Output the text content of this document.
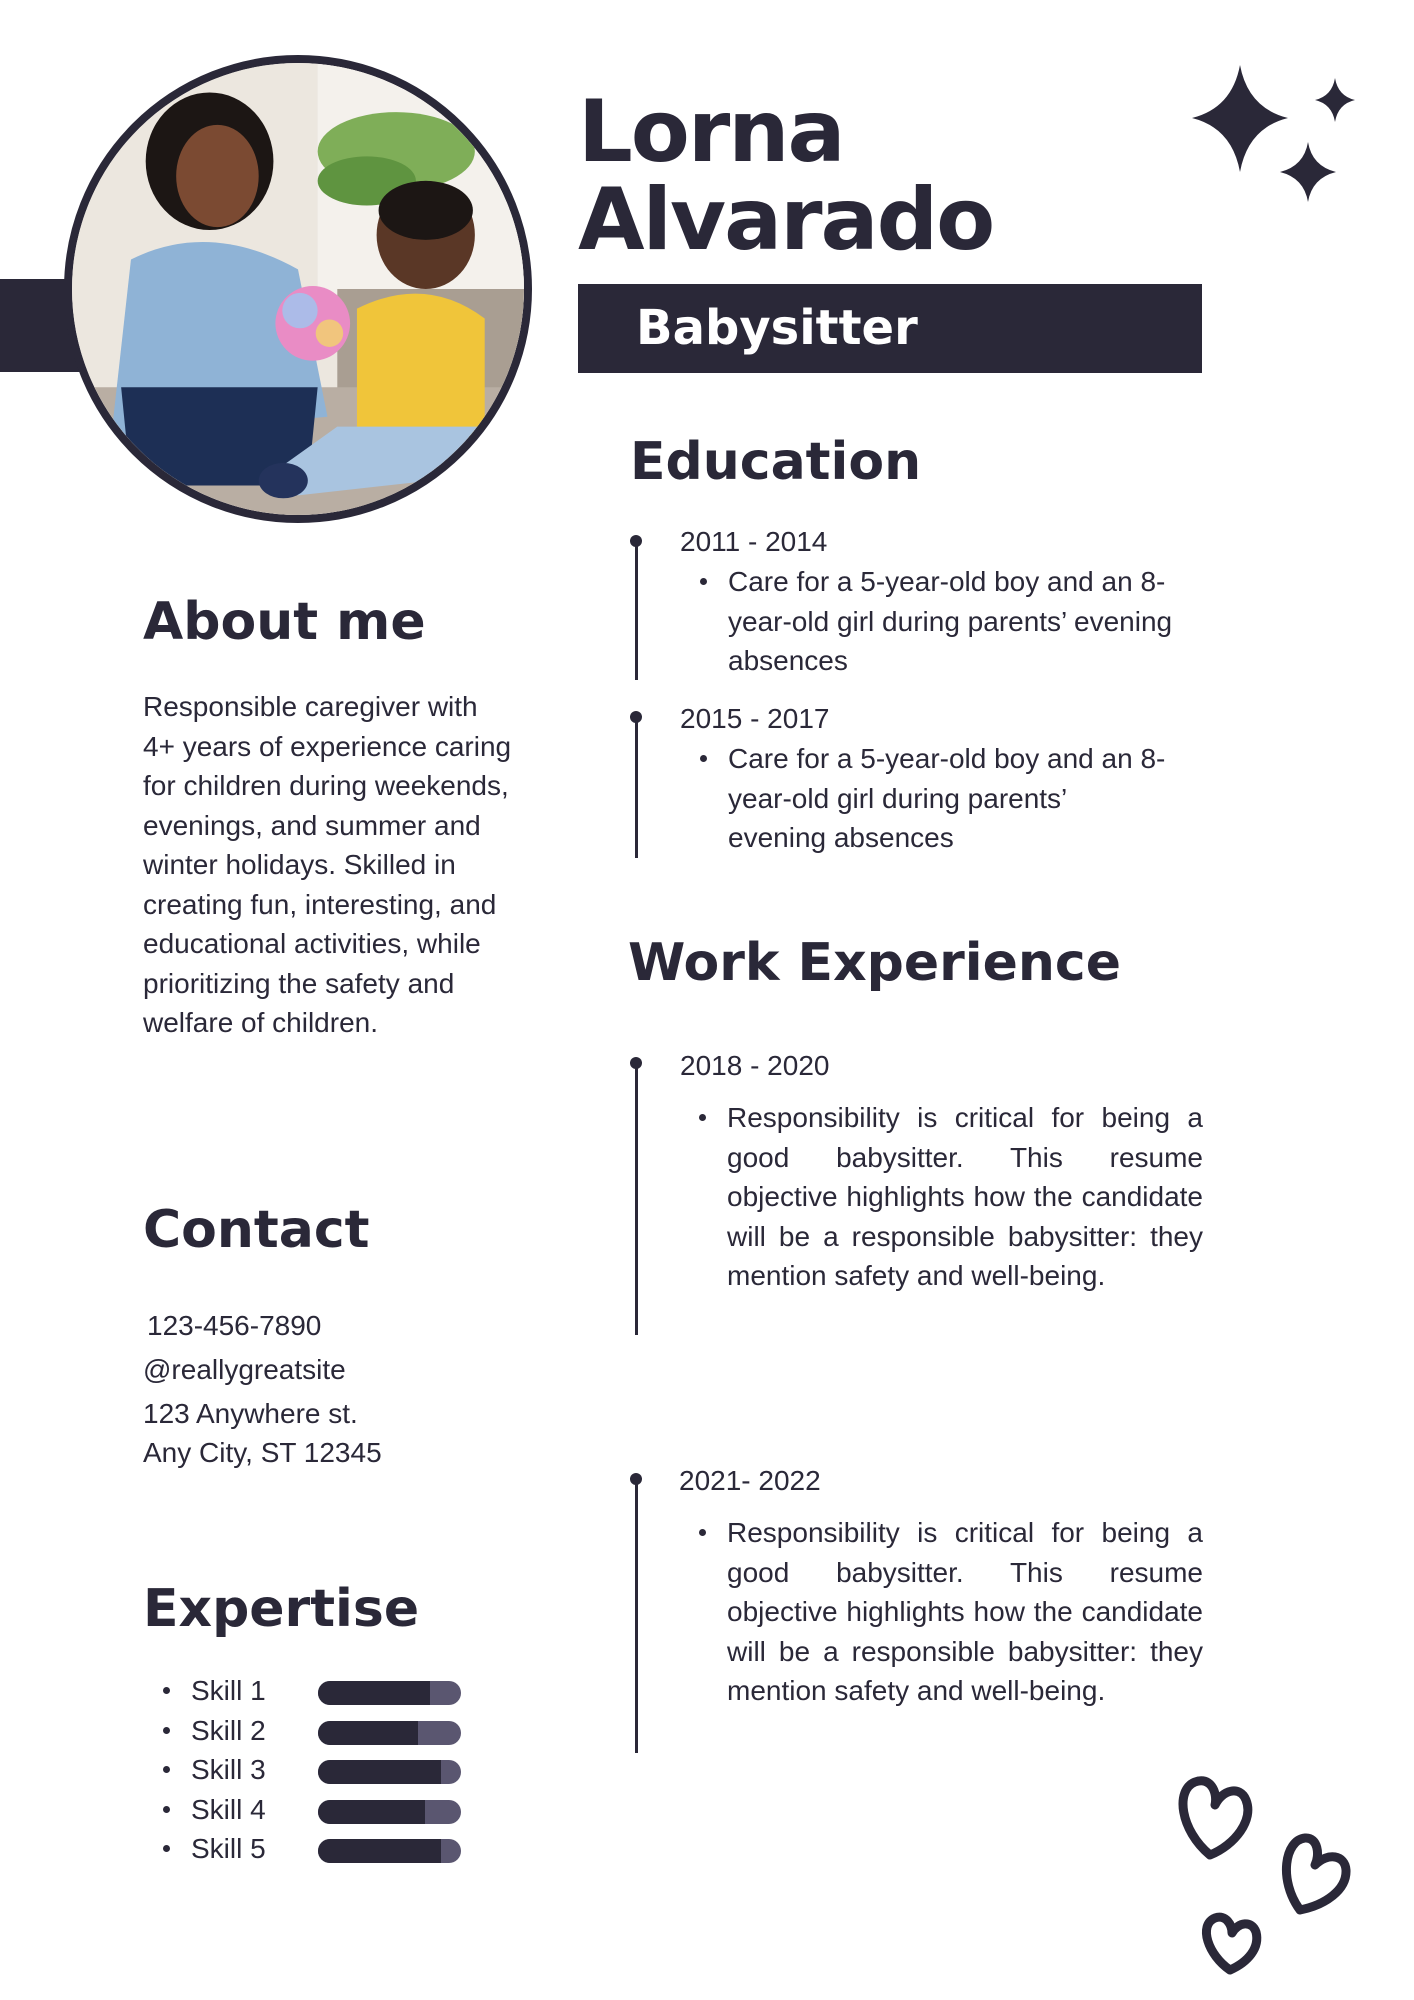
Lorna
Alvarado
Babysitter
About me
Responsible caregiver with 4+ years of experience caring for children during weekends, evenings, and summer and winter holidays. Skilled in creating fun, interesting, and educational activities, while prioritizing the safety and welfare of children.
Contact
123-456-7890
@reallygreatsite
123 Anywhere st.
Any City, ST 12345
Expertise
Skill 1
Skill 2
Skill 3
Skill 4
Skill 5
Education
2011 - 2014
Care for a 5-year-old boy and an 8-year-old girl during parents’ evening absences
2015 - 2017
Care for a 5-year-old boy and an 8-year-old girl during parents’ evening absences
Work Experience
2018 - 2020
Responsibility is critical for being a good babysitter. This resume objective highlights how the candidate will be a responsible babysitter: they mention safety and well-being.
2021- 2022
Responsibility is critical for being a good babysitter. This resume objective highlights how the candidate will be a responsible babysitter: they mention safety and well-being.
